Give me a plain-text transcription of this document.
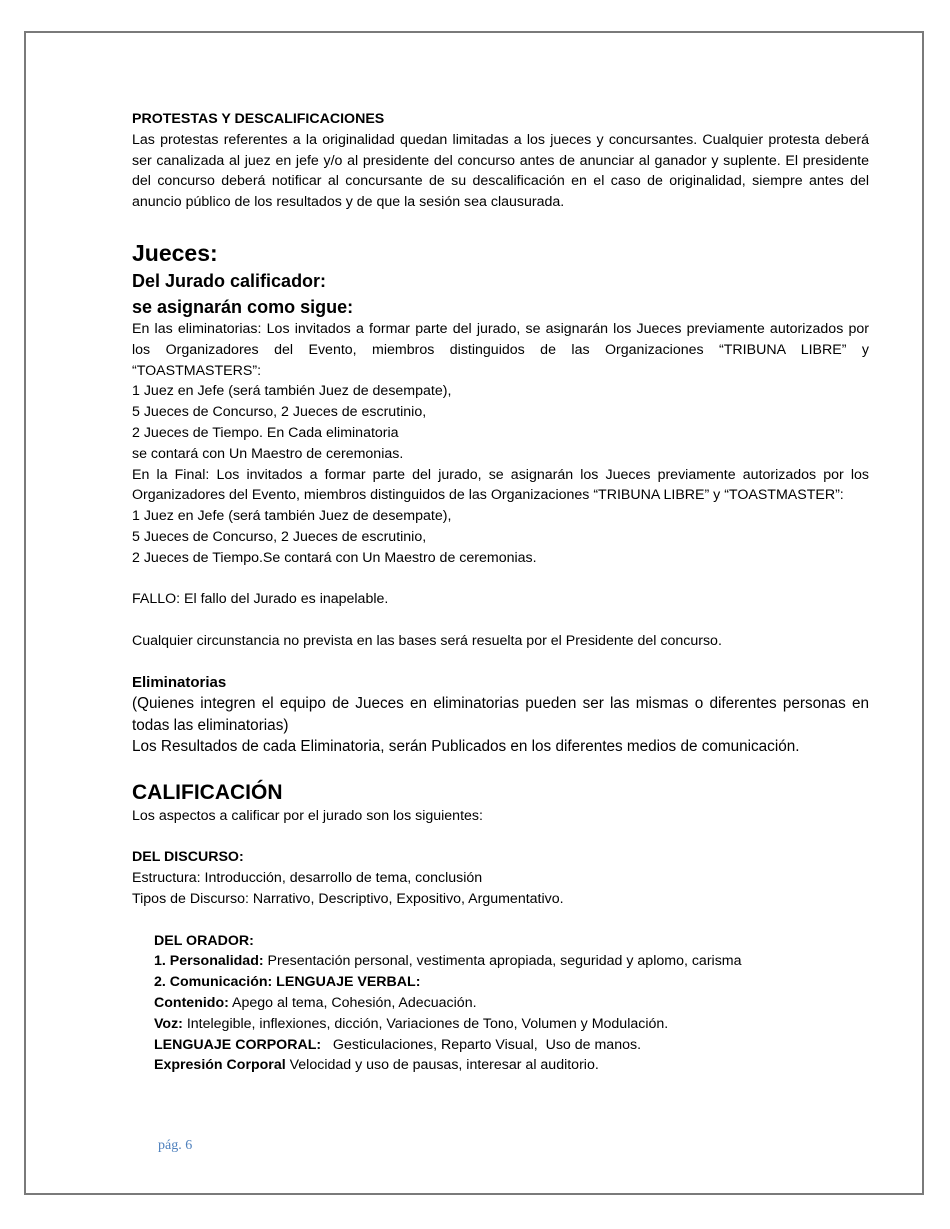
PROTESTAS Y DESCALIFICACIONES

Las protestas referentes a la originalidad quedan limitadas a los jueces y concursantes. Cualquier protesta deberá ser canalizada al juez en jefe y/o al presidente del concurso antes de anunciar al ganador y suplente. El presidente del concurso deberá notificar al concursante de su descalificación en el caso de originalidad, siempre antes del anuncio público de los resultados y de que la sesión sea clausurada.

Jueces:

Del Jurado calificador:

se asignarán como sigue:

En las eliminatorias: Los invitados a formar parte del jurado, se asignarán los Jueces previamente autorizados por los Organizadores del Evento, miembros distinguidos de las Organizaciones “TRIBUNA LIBRE” y “TOASTMASTERS”:

1 Juez en Jefe (será también Juez de desempate),

5 Jueces de Concurso, 2 Jueces de escrutinio,

2 Jueces de Tiempo. En Cada eliminatoria

se contará con Un Maestro de ceremonias.

En la Final: Los invitados a formar parte del jurado, se asignarán los Jueces previamente autorizados por los Organizadores del Evento, miembros distinguidos de las Organizaciones “TRIBUNA LIBRE” y “TOASTMASTER”:

1 Juez en Jefe (será también Juez de desempate),

5 Jueces de Concurso, 2 Jueces de escrutinio,

2 Jueces de Tiempo.Se contará con Un Maestro de ceremonias.

FALLO: El fallo del Jurado es inapelable.

Cualquier circunstancia no prevista en las bases será resuelta por el Presidente del concurso.

Eliminatorias

(Quienes integren el equipo de Jueces en eliminatorias pueden ser las mismas o diferentes personas en todas las eliminatorias)

Los Resultados de cada Eliminatoria, serán Publicados en los diferentes medios de comunicación.

CALIFICACIÓN

Los aspectos a calificar por el jurado son los siguientes:

DEL DISCURSO:

Estructura: Introducción, desarrollo de tema, conclusión

Tipos de Discurso: Narrativo, Descriptivo, Expositivo, Argumentativo.

DEL ORADOR:

1. Personalidad: Presentación personal, vestimenta apropiada, seguridad y aplomo, carisma

2. Comunicación: LENGUAJE VERBAL:

Contenido: Apego al tema, Cohesión, Adecuación.

Voz: Intelegible, inflexiones, dicción, Variaciones de Tono, Volumen y Modulación.

LENGUAJE CORPORAL:   Gesticulaciones, Reparto Visual,  Uso de manos.

Expresión Corporal Velocidad y uso de pausas, interesar al auditorio.

pág. 6
